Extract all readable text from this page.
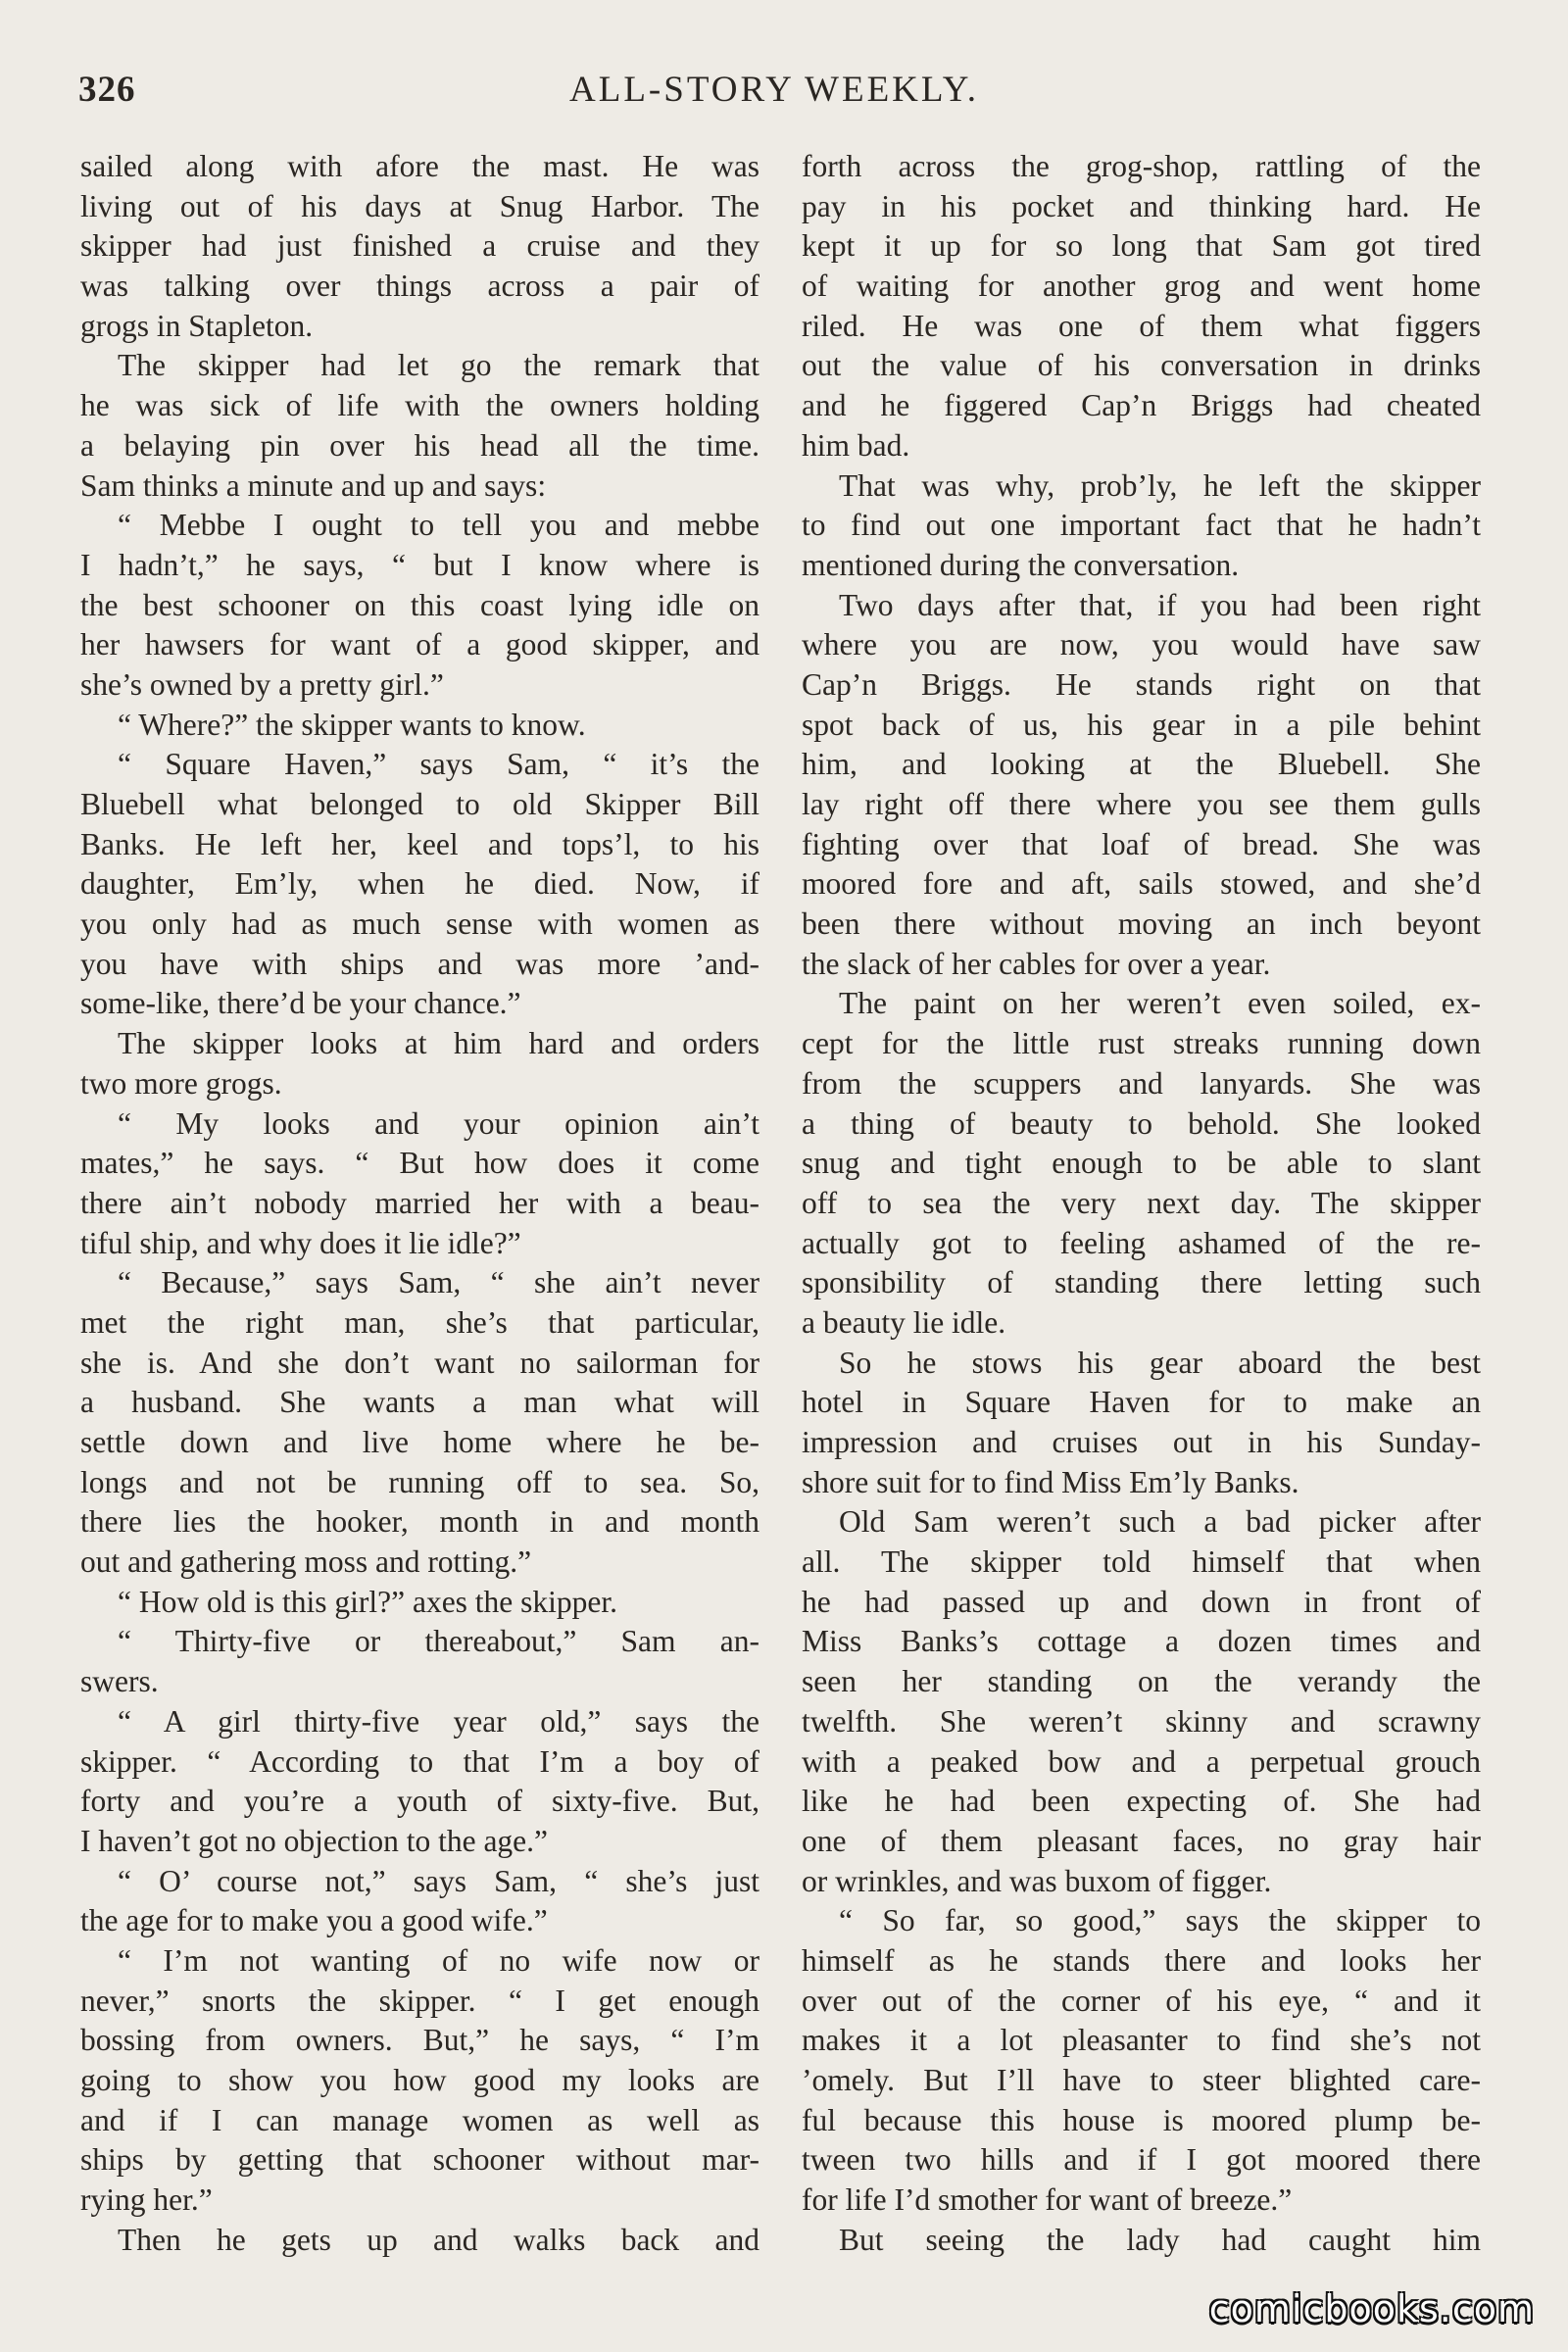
326	ALL-STORY WEEKLY.
sailed along with afore the mast. He was
living out of his days at Snug Harbor. The
skipper had just finished a cruise and they
was talking over things across a pair of
grogs in Stapleton.
The skipper had let go the remark that
he was sick of life with the owners holding
a belaying pin over his head all the time.
Sam thinks a minute and up and says:
“ Mebbe I ought to tell you and mebbe
I hadn’t,” he says, “ but I know where is
the best schooner on this coast lying idle on
her hawsers for want of a good skipper, and
she’s owned by a pretty girl.”
“ Where?” the skipper wants to know.
“ Square Haven,” says Sam, “ it’s the
Bluebell what belonged to old Skipper Bill
Banks. He left her, keel and tops’l, to his
daughter, Em’ly, when he died. Now, if
you only had as much sense with women as
you have with ships and was more ’and-
some-like, there’d be your chance.”
The skipper looks at him hard and orders
two more grogs.
“ My looks and your opinion ain’t
mates,” he says. “ But how does it come
there ain’t nobody married her with a beau-
tiful ship, and why does it lie idle?”
“ Because,” says Sam, “ she ain’t never
met the right man, she’s that particular,
she is. And she don’t want no sailorman for
a husband. She wants a man what will
settle down and live home where he be-
longs and not be running off to sea. So,
there lies the hooker, month in and month
out and gathering moss and rotting.”
“ How old is this girl?” axes the skipper.
“ Thirty-five or thereabout,” Sam an-
swers.
“ A girl thirty-five year old,” says the
skipper. “ According to that I’m a boy of
forty and you’re a youth of sixty-five. But,
I haven’t got no objection to the age.”
“ O’ course not,” says Sam, “ she’s just
the age for to make you a good wife.”
“ I’m not wanting of no wife now or
never,” snorts the skipper. “ I get enough
bossing from owners. But,” he says, “ I’m
going to show you how good my looks are
and if I can manage women as well as
ships by getting that schooner without mar-
rying her.”
Then he gets up and walks back and
forth across the grog-shop, rattling of the
pay in his pocket and thinking hard. He
kept it up for so long that Sam got tired
of waiting for another grog and went home
riled. He was one of them what figgers
out the value of his conversation in drinks
and he figgered Cap’n Briggs had cheated
him bad.
That was why, prob’ly, he left the skipper
to find out one important fact that he hadn’t
mentioned during the conversation.
Two days after that, if you had been right
where you are now, you would have saw
Cap’n Briggs. He stands right on that
spot back of us, his gear in a pile behint
him, and looking at the Bluebell. She
lay right off there where you see them gulls
fighting over that loaf of bread. She was
moored fore and aft, sails stowed, and she’d
been there without moving an inch beyont
the slack of her cables for over a year.
The paint on her weren’t even soiled, ex-
cept for the little rust streaks running down
from the scuppers and lanyards. She was
a thing of beauty to behold. She looked
snug and tight enough to be able to slant
off to sea the very next day. The skipper
actually got to feeling ashamed of the re-
sponsibility of standing there letting such
a beauty lie idle.
So he stows his gear aboard the best
hotel in Square Haven for to make an
impression and cruises out in his Sunday-
shore suit for to find Miss Em’ly Banks.
Old Sam weren’t such a bad picker after
all. The skipper told himself that when
he had passed up and down in front of
Miss Banks’s cottage a dozen times and
seen her standing on the verandy the
twelfth. She weren’t skinny and scrawny
with a peaked bow and a perpetual grouch
like he had been expecting of. She had
one of them pleasant faces, no gray hair
or wrinkles, and was buxom of figger.
“ So far, so good,” says the skipper to
himself as he stands there and looks her
over out of the corner of his eye, “ and it
makes it a lot pleasanter to find she’s not
’omely. But I’ll have to steer blighted care-
ful because this house is moored plump be-
tween two hills and if I got moored there
for life I’d smother for want of breeze.”
But seeing the lady had caught him
comicbooks.com
